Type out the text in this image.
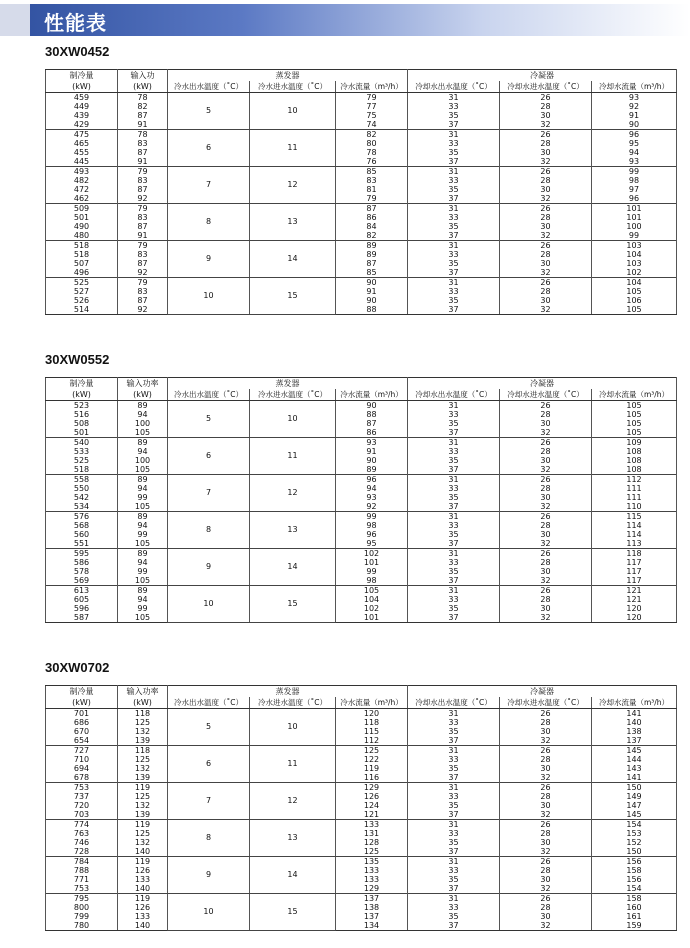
性能表
30XW0452
制冷量	输入功	蒸发器			冷凝器		
(kW)	(kW)	冷水出水温度（˚C）	冷水进水温度（˚C）	冷水流量（m³/h）	冷却水出水温度（˚C）	冷却水进水温度（˚C）	冷却水流量（m³/h）
459	78	5	10	79	31	26	93
449	82			77	33	28	92
439	87			75	35	30	91
429	91			74	37	32	90
475	78	6	11	82	31	26	96
465	83			80	33	28	95
455	87			78	35	30	94
445	91			76	37	32	93
493	79	7	12	85	31	26	99
482	83			83	33	28	98
472	87			81	35	30	97
462	92			79	37	32	96
509	79	8	13	87	31	26	101
501	83			86	33	28	101
490	87			84	35	30	100
480	91			82	37	32	99
518	79	9	14	89	31	26	103
518	83			89	33	28	104
507	87			87	35	30	103
496	92			85	37	32	102
525	79	10	15	90	31	26	104
527	83			91	33	28	105
526	87			90	35	30	106
514	92			88	37	32	105
30XW0552
制冷量	输入功率	蒸发器			冷凝器		
(kW)	(kW)	冷水出水温度（˚C）	冷水进水温度（˚C）	冷水流量（m³/h）	冷却水出水温度（˚C）	冷却水进水温度（˚C）	冷却水流量（m³/h）
523	89	5	10	90	31	26	105
516	94			88	33	28	105
508	100			87	35	30	105
501	105			86	37	32	105
540	89	6	11	93	31	26	109
533	94			91	33	28	108
525	100			90	35	30	108
518	105			89	37	32	108
558	89	7	12	96	31	26	112
550	94			94	33	28	111
542	99			93	35	30	111
534	105			92	37	32	110
576	89	8	13	99	31	26	115
568	94			98	33	28	114
560	99			96	35	30	114
551	105			95	37	32	113
595	89	9	14	102	31	26	118
586	94			101	33	28	117
578	99			99	35	30	117
569	105			98	37	32	117
613	89	10	15	105	31	26	121
605	94			104	33	28	121
596	99			102	35	30	120
587	105			101	37	32	120
30XW0702
制冷量	输入功率	蒸发器			冷凝器		
(kW)	(kW)	冷水出水温度（˚C）	冷水进水温度（˚C）	冷水流量（m³/h）	冷却水出水温度（˚C）	冷却水进水温度（˚C）	冷却水流量（m³/h）
701	118	5	10	120	31	26	141
686	125			118	33	28	140
670	132			115	35	30	138
654	139			112	37	32	137
727	118	6	11	125	31	26	145
710	125			122	33	28	144
694	132			119	35	30	143
678	139			116	37	32	141
753	119	7	12	129	31	26	150
737	125			126	33	28	149
720	132			124	35	30	147
703	139			121	37	32	145
774	119	8	13	133	31	26	154
763	125			131	33	28	153
746	132			128	35	30	152
728	140			125	37	32	150
784	119	9	14	135	31	26	156
788	126			133	33	28	158
771	133			133	35	30	156
753	140			129	37	32	154
795	119	10	15	137	31	26	158
800	126			138	33	28	160
799	133			137	35	30	161
780	140			134	37	32	159
